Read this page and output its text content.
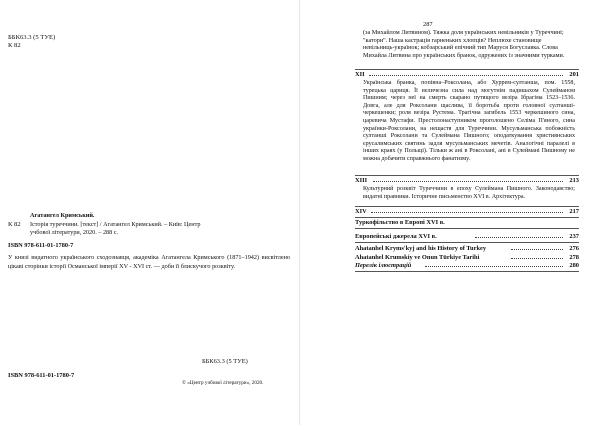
ББК63.3 (5 ТУЕ)
К 82
К 82
Агатангел Кримський.
Історія туреччини. [текст] / Агатангел Кримський. – Київ: Центр
учбової літератури, 2020. – 288 с.
ISBN 978-611-01-1780-7
У книзі видатного українського сходознавця, академіка Агатангела Кримського (1871–1942) висвітлено цікаві сторінки історії Османської імперії XV - XVI ст. — доби її блискучого розквіту.
ББК63.3 (5 ТУЕ)
ISBN 978-611-01-1780-7
© «Центр учбової літератури», 2020.
287
(за Михайлом Литвином). Тяжка доля українських невільників у Туреччині; "катори". Наша кастрація гарненьких хлопців? Неплюхе становище невільниць-українок; кобзарський епічний тип Маруся Богуславка. Слова Михайла Литвина про українських бранок, одружених із значними турками.
XII	201
Українська бранка, попівна–Роксолана, або Хуррем-султанша, пом. 1558, турецька цариця. Її величезна сила над могутнім падишахом Сулейманом Пишним; через неї на смерть скарано путящого везіра Ібрагіма 1523–1536. Довга, але для Роксолани щаслива, її боротьба проти головної султанші-черкешенки; роля везіра Рустема. Трагічна загибель 1553 черкешиного сина, царевича Мустафи. Престолонаступником проголошено Селіма П'яного, сина українки-Роксолани, на нещастя для Туреччини. Мусульманська побожність султанші Роксолани та Сулеймана Пишного; оподаткування християнських єрусалимських святинь задля мусульманських мечетів. Аналогічні паралелі в інших краях (у Польщі). Тільки ж ані в Роксолані, ані в Сулеймані Пишному не можна добачити справжнього фанатизму.
XIII	213
Культурний розквіт Туреччини в епоху Сулеймана Пишного. Законодавство; видатні правники. Історичне письменство XVI в. Архітектура.
XIV	217
Туркофільство в Европі XVI в.
Европейські джерела XVI в.	237
Ahatanhel Kryms'kyj and his History of Turkey	276
Ahatanhel Krumskiy ve Onun Türkiye Tarihi	278
Перелік ілюстрацій	280
